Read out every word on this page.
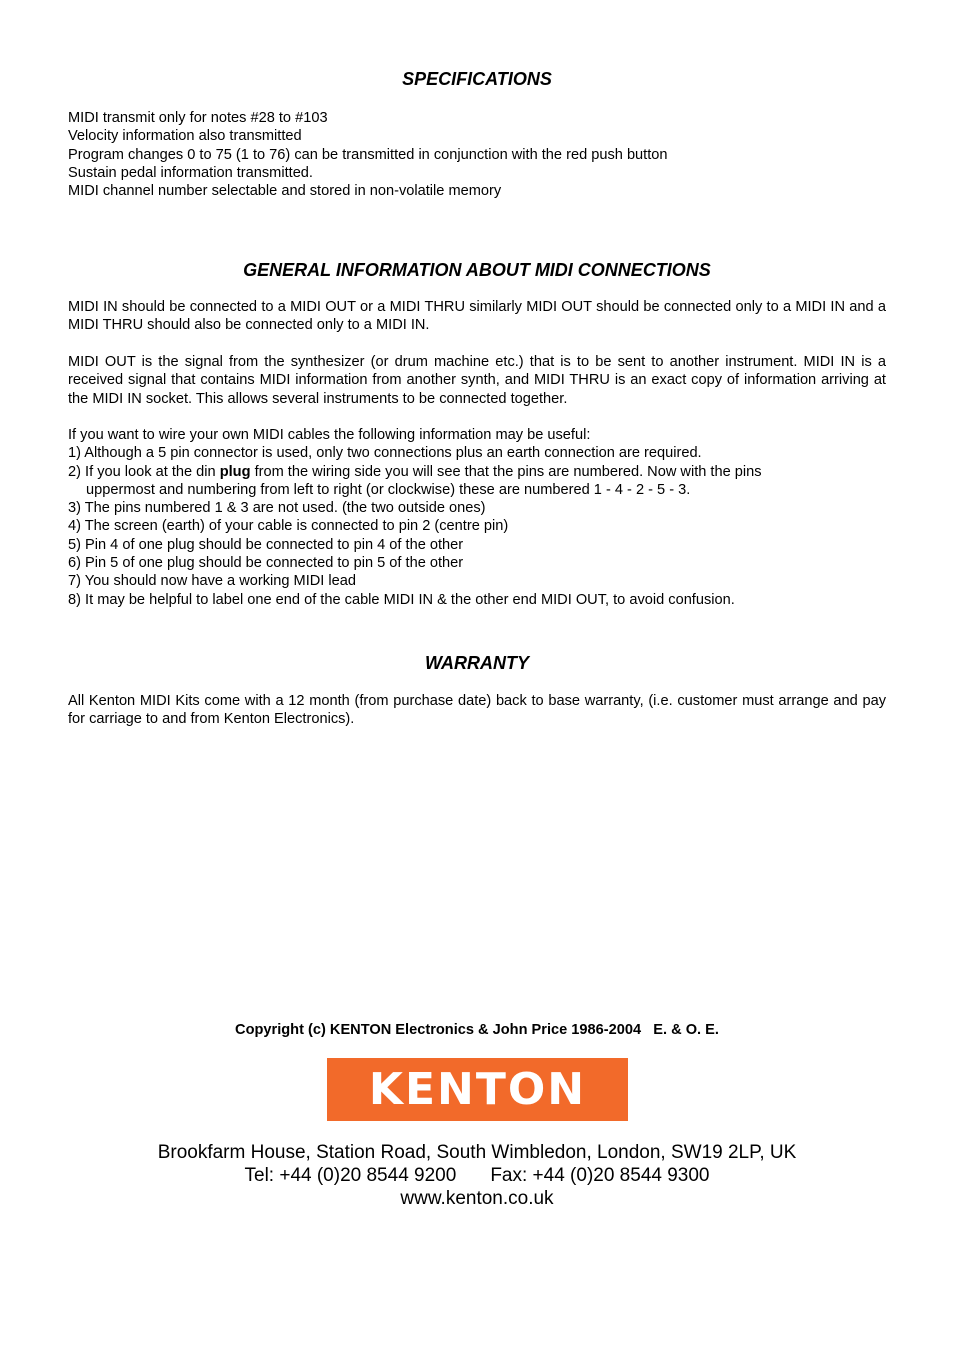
SPECIFICATIONS

MIDI transmit only for notes #28 to #103

Velocity information also transmitted

Program changes 0 to 75 (1 to 76) can be transmitted in conjunction with the red push button

Sustain pedal information transmitted.

MIDI channel number selectable and stored in non-volatile memory

GENERAL INFORMATION ABOUT MIDI CONNECTIONS

MIDI IN should be connected to a MIDI OUT or a MIDI THRU similarly MIDI OUT should be connected only to a MIDI IN and a MIDI THRU should also be connected only to a MIDI IN.

MIDI OUT is the signal from the synthesizer (or drum machine etc.) that is to be sent to another instrument. MIDI IN is a received signal that contains MIDI information from another synth, and MIDI THRU is an exact copy of information arriving at the MIDI IN socket. This allows several instruments to be connected together.

If you want to wire your own MIDI cables the following information may be useful:

1) Although a 5 pin connector is used, only two connections plus an earth connection are required.

2) If you look at the din plug from the wiring side you will see that the pins are numbered. Now with the pins

uppermost and numbering from left to right (or clockwise) these are numbered 1 - 4 - 2 - 5 - 3.

3) The pins numbered 1 & 3 are not used. (the two outside ones)

4) The screen (earth) of your cable is connected to pin 2 (centre pin)

5) Pin 4 of one plug should be connected to pin 4 of the other

6) Pin 5 of one plug should be connected to pin 5 of the other

7) You should now have a working MIDI lead

8) It may be helpful to label one end of the cable MIDI IN & the other end MIDI OUT, to avoid confusion.

WARRANTY

All Kenton MIDI Kits come with a 12 month (from purchase date) back to base warranty, (i.e. customer must arrange and pay for carriage to and from Kenton Electronics).

Copyright (c) KENTON Electronics & John Price 1986-2004   E. & O. E.
KENTON

Brookfarm House, Station Road, South Wimbledon, London, SW19 2LP, UK

Tel: +44 (0)20 8544 9200 Fax: +44 (0)20 8544 9300

www.kenton.co.uk
